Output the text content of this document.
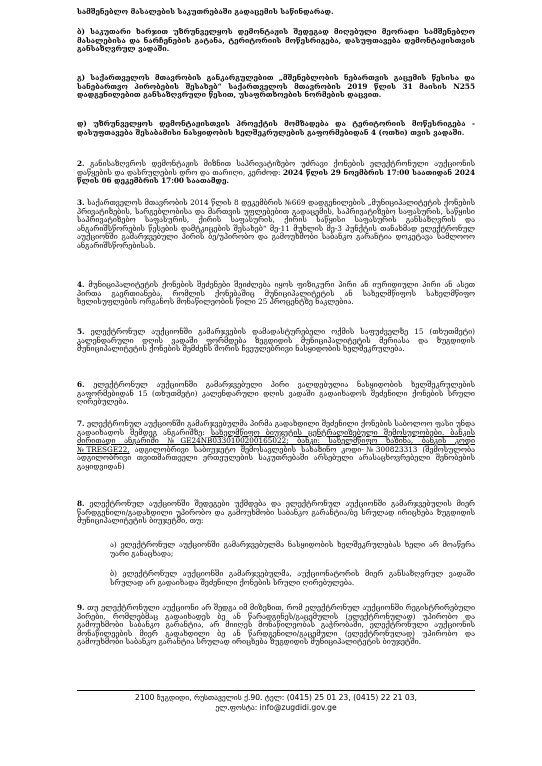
სამშენებლო მასალების საკუთრებაში გადაცემის საწინდარად.
ბ) საკუთარი ხარჯით უზრუნველყოს დემონტაჟის შედეგად მიღებული მეორადი სამშენებლო მასალებისა და ნარჩენების გატანა, ტერიტორიის მოწესრიგება, დასუფთავება დემონტაჟისთვის განსაზღვრულ ვადაში.
გ) საქართველოს მთავრობის განკარგულებით „მშენებლობის ნებართვის გაცემის წესისა და სანებართვო პირობების შესახებ“ საქართველოს მთავრობის 2019 წლის 31 მაისის N255 დადგენილებით განსაზღვრული წესით, უსაფრთხოების ნორმების დაცვით.
დ) უზრუნველყოს დემონტაჟისთვის პროექტის მომზადება და ტერიტორიის მოწესრიგება - დასუფთავება შესაბამისი ნასყიდობის ხელშეკრულების გაფორმებიდან 4 (ოთხი) თვის ვადაში.
2. განისაზღვროს დემონტაჟის მიზნით საპრივატიზებო უძრავი ქონების ელექტრონული აუქციონის დაწყების და დასრულების დრო და თარიღი, კერძოდ: 2024 წლის 29 ნოემბრის 17:00 საათიდან 2024 წლის 06 დეკემბრის 17:00 საათამდე.
3. საქართველოს მთავრობის 2014 წლის 8 დეკემბრის №669 დადგენილების „მუნიციპალიტეტის ქონების პრივატიზების, სარგებლობისა და მართვის უფლებებით გადაცემის, საპრივატიზებო საფასურის, საწყისი საპრივატიზებო საფასურის, ქირის საფასურის, ქირის საწყისი საფასურის განსაზღვრის და ანგარიშსწორების წესების დამტკიცების შესახებ“ მე-11 მუხლის მე-3 პუნქტის თანახმად ელექტრონულ აუქციონში გამარჯვებული პირის ბე/უპირობო და გამოუხმობი საბანკო გარანტია დოკეტავა სამლოოო ანგარიშსწორებისას.
4. მუნიციპალიტეტის ქონების შეძენები შეიძლება იყოს ფიზიკური პირი ან იურიდიული პირი ან ასეთ პირთა გაერთიანება, რომლის ქონებაშიც მუნიციპალიტეტის ან სახელმწიფოს სახელმწიფო ხელისუფლების ორგანოს მონაწილეობის წილი 25 პროცენტზე ნაკლებია.
5. ელექტრონულ აუქციონში გამარჯვების დამადასტურებელი ოქმის საფუძველზე 15 (თხუთმეტი) კალენდარული დღის ვადაში ფორმდება ზეგდიდის მუნიციპალიტეტის მერიასა და ზუგდიდის მუნიციპალიტეტის ქონების შემძენს შორის ჩვეულებრივი ნასყიდობის ხელშეკრულება.
6. ელექტრონულ აუქციონში გამარჯვებული პირი ვალდებულია ნასყიდობის ხელშეკრულების გაფორმებიდან 15 (თხუთმეტი) კალენდარული დღის ვადაში გადაიხადოს შეძენილი ქონების სრული ღირებულება.
7. ელექტრონულ აუქციონში გამარჯვებულმა პირმა გადახდილი შეძენილი ქონების საბოლოო ფასი უნდა გადაიხადოს შემდეგ ანგარიშზე: სახელმწიფო ბიუჯეტის ცენტრალიზებული შემოსულობები. ბანკის ძირითადი ანგარიში №GE24NB0330100200165022; ბანკი: სახელმწიფო ხაზინა, ბანკის კოდი №TRESGE22, ადგილობრივი საბიუჯეტო შემოსავლების სახაზინო კოდი-№300823313 (შემოსულობა ადგილობრივი თვითმართველი ერთეულების საკუთრებაში არსებული არასაცხოვრებელი შენობების გაყიდვიდან)
8. ელექტრონულ აუქციონში შედეგები უქმდება და ელექტრონულ აუქციონში გამარჯვებულის მიერ წარდგენილი/გადახდილი უპირობო და გამოუხმობი საბანკო გარანტია/ბე სრულად ირიცხება ზუგდიდის მუნიციპალიტეტის ბიუჯეტში, თუ:
ა) ელექტრონულ აუქციონში გამარჯვებულმა ნასყიდობის ხელშეკრულებას ხელი არ მოაწერა უარი განაცხადა;
ბ) ელექტრონულ აუქციონში გამარჯვებულმა, აუქციონატორის მიერ განსაზღვრულ ვადაში სრულად არ გადაიხადა შეძენილი ქონების სრული ღირებულება.
9. თუ ელექტრონული აუქციონი არ შედგა იმ მიზეზით, რომ ელექტრონულ აუქციონში რეგისტრირებული პირები, რომლებმაც გადაიხადეს ბე ან წარადგინეს/გაცემულის (ელექტრონულად) უპირობო და გამოუხმობი საბანკო გარანტია, არ მიიღეს მონაწილეობას გაჭრობაში, ელექტრონული აუქციონის მონაწილეების მიერ გადახდილი ბე ან წარდგენილი/გაცემული (ელექტრონულად) უპირობო და გამოუხმობი საბანკო გარანტია სრულად ირიცხება ზუგდიდის მუნიციპალიტეტის ბიუჯეტში.
2100 ზუგდიდი, რუსთაველის ქ.90. ტელ: (0415) 25 01 23, (0415) 22 21 03,
ელ.ფოსტა: info@zugdidi.gov.ge
